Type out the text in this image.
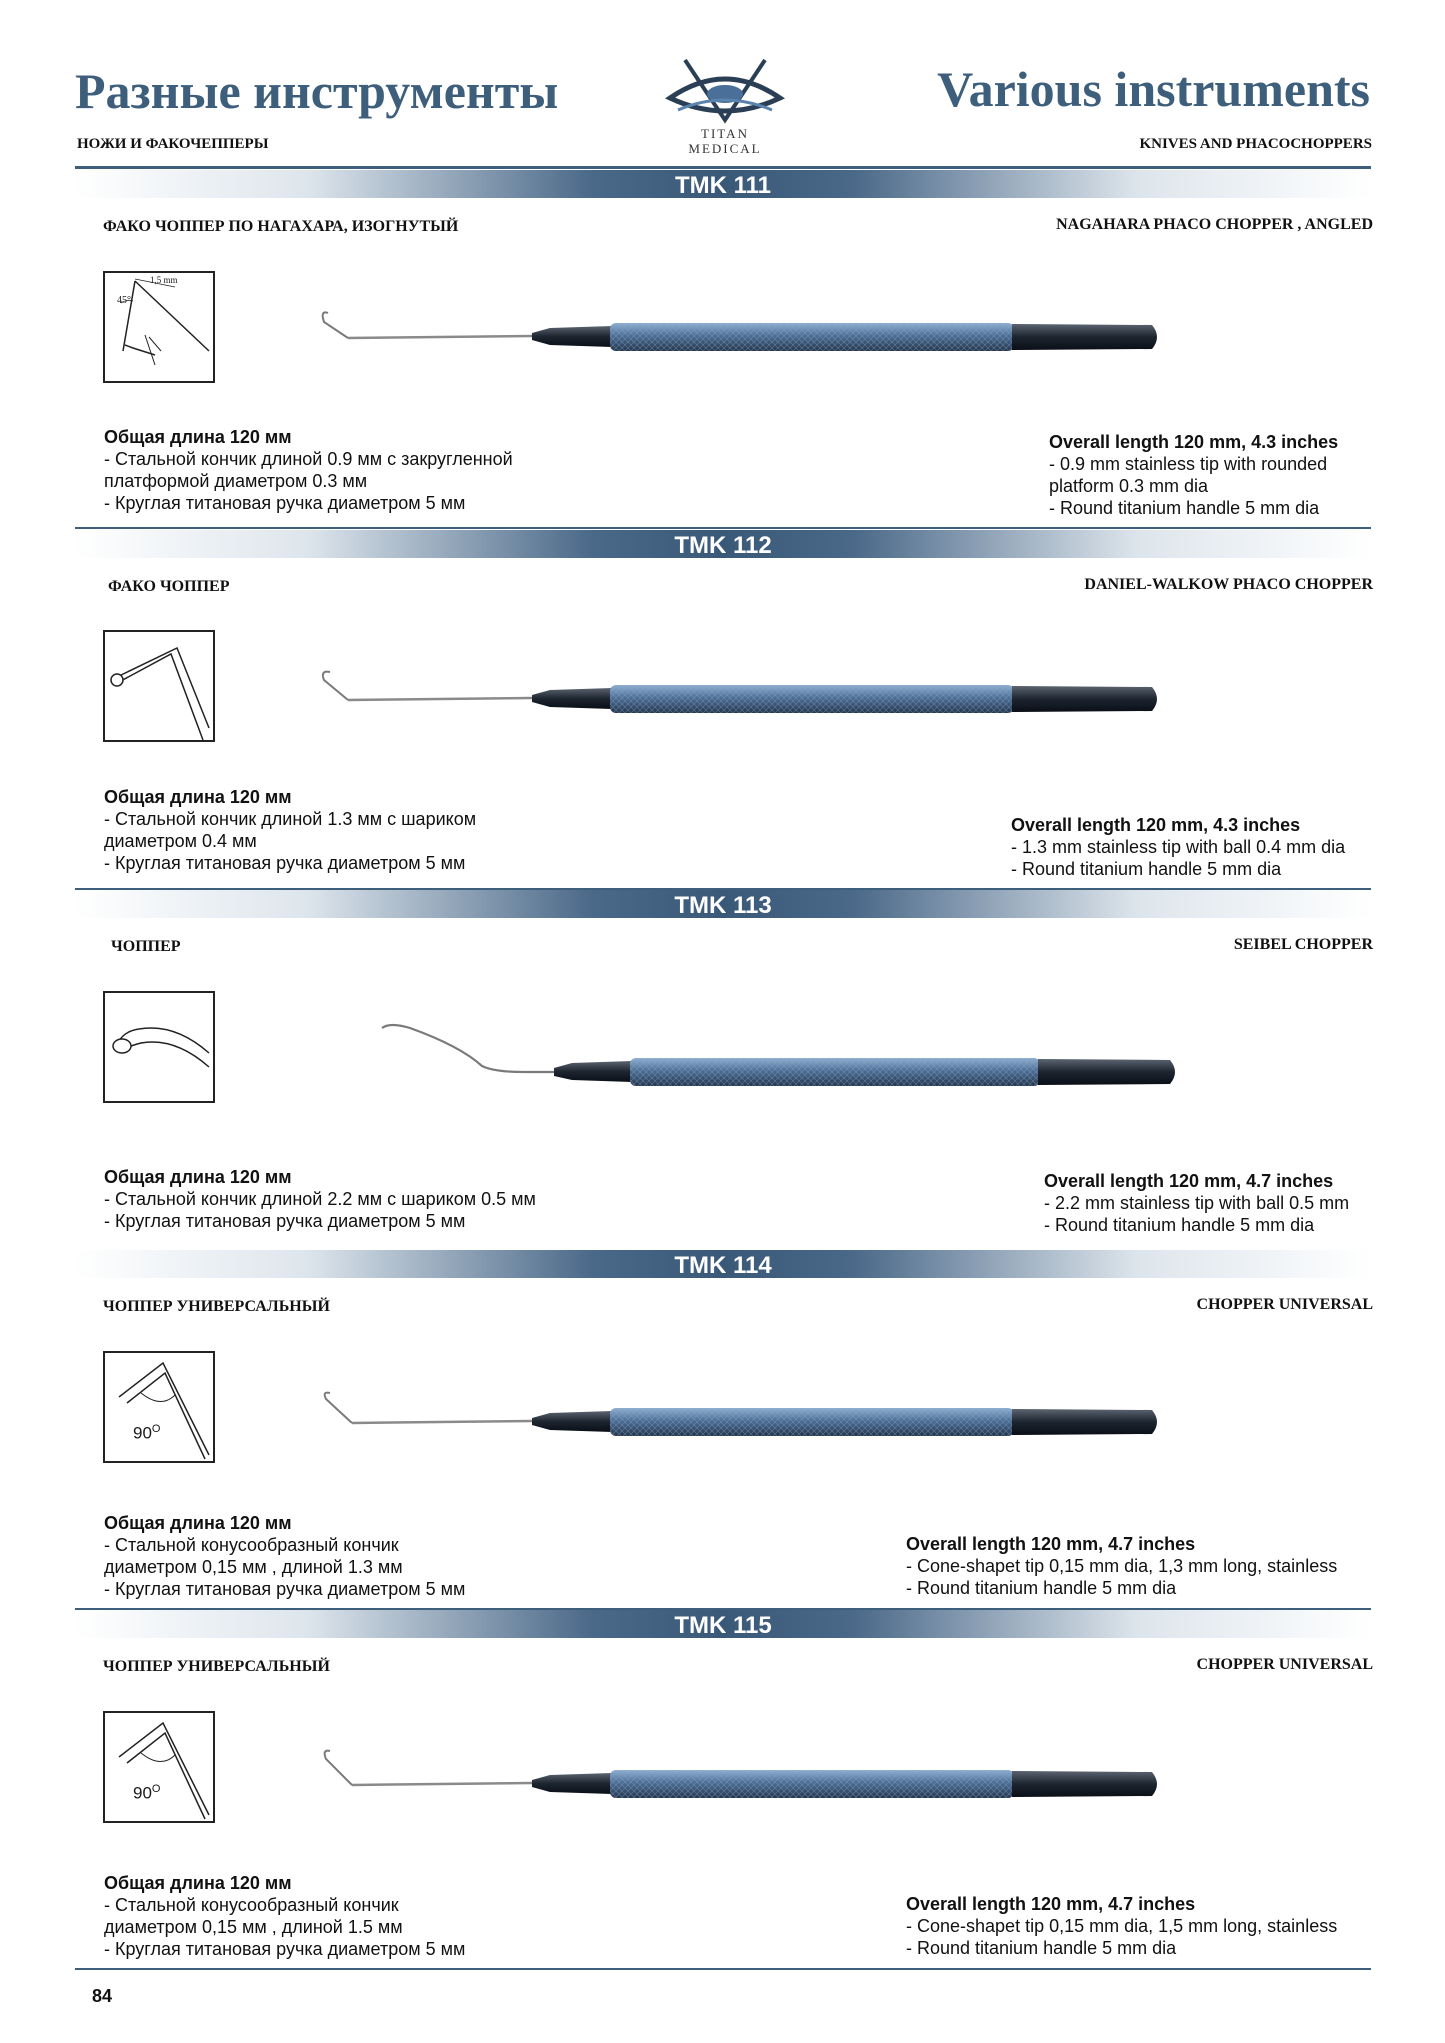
Разные инструменты
НОЖИ И ФАКОЧЕППЕРЫ
Various instruments
KNIVES AND PHACOCHOPPERS
TITAN
MEDICAL
TMK 111
ФАКО ЧОППЕР ПО НАГАХАРА, ИЗОГНУТЫЙ	NAGAHARA PHACO CHOPPER , ANGLED
1,5 mm
45°
Общая длина 120 мм
- Стальной кончик длиной 0.9 мм с закругленной
платформой диаметром 0.3 мм
- Круглая титановая ручка диаметром 5 мм
Overall length 120 mm, 4.3 inches
- 0.9 mm stainless tip with rounded
platform 0.3 mm dia
- Round titanium handle 5 mm dia
TMK 112
ФАКО ЧОППЕР	DANIEL-WALKOW PHACO CHOPPER
Общая длина 120 мм
- Стальной кончик длиной 1.3 мм с шариком
диаметром 0.4 мм
- Круглая титановая ручка диаметром 5 мм
Overall length 120 mm, 4.3 inches
- 1.3 mm stainless tip with ball 0.4 mm dia
- Round titanium handle 5 mm dia
TMK 113
ЧОППЕР	SEIBEL CHOPPER
Общая длина 120 мм
- Стальной кончик длиной 2.2 мм с шариком 0.5 мм
- Круглая титановая ручка диаметром 5 мм
Overall length 120 mm, 4.7 inches
- 2.2 mm stainless tip with ball 0.5 mm
- Round titanium handle 5 mm dia
TMK 114
ЧОППЕР УНИВЕРСАЛЬНЫЙ	CHOPPER UNIVERSAL
$90^O$
Общая длина 120 мм
- Стальной конусообразный кончик
диаметром 0,15 мм , длиной 1.3 мм
- Круглая титановая ручка диаметром 5 мм
Overall length 120 mm, 4.7 inches
- Cone-shapet tip 0,15 mm dia, 1,3 mm long, stainless
- Round titanium handle 5 mm dia
TMK 115
ЧОППЕР УНИВЕРСАЛЬНЫЙ	CHOPPER UNIVERSAL
$90^O$
Общая длина 120 мм
- Стальной конусообразный кончик
диаметром 0,15 мм , длиной 1.5 мм
- Круглая титановая ручка диаметром 5 мм
Overall length 120 mm, 4.7 inches
- Cone-shapet tip 0,15 mm dia, 1,5 mm long, stainless
- Round titanium handle 5 mm dia
84
